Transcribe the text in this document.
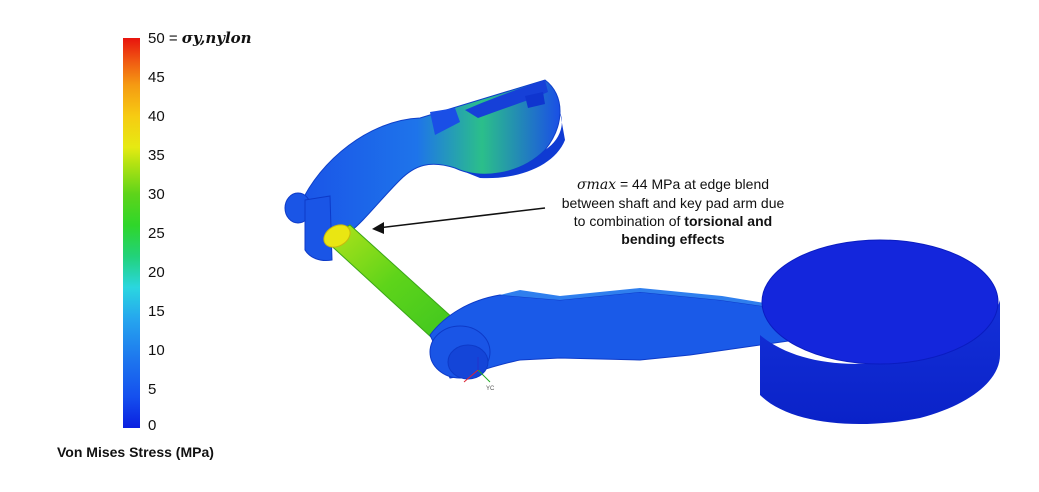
50 = σy,nylon
45
40
35
30
25
20
15
10
5
0
Von Mises Stress (MPa)
YC
σmax = 44 MPa at edge blend
between shaft and key pad arm due
to combination of torsional and
bending effects
